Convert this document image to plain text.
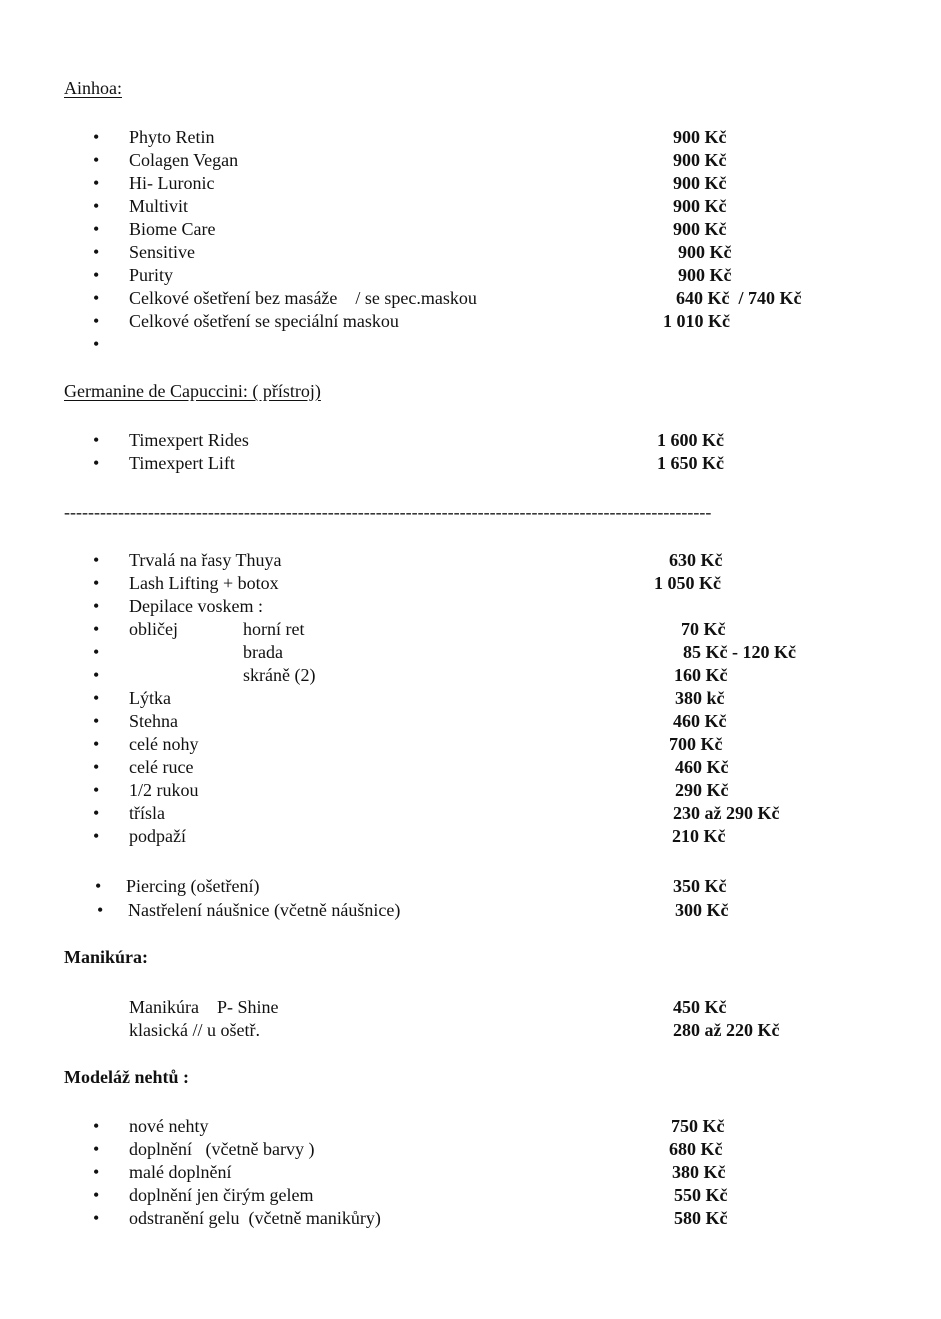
Ainhoa:
• Phyto Retin	900 Kč
• Colagen Vegan	900 Kč
• Hi- Luronic	900 Kč
• Multivit	900 Kč
• Biome Care	900 Kč
• Sensitive	900 Kč
• Purity	900 Kč
• Celkové ošetření bez masáže    / se spec.maskou	640 Kč  / 740 Kč
• Celkové ošetření se speciální maskou	1 010 Kč
•
Germanine de Capuccini: ( přístroj)
• Timexpert Rides	1 600 Kč
• Timexpert Lift	1 650 Kč
------------------------------------------------------------------------------------------------------------
• Trvalá na řasy Thuya	630 Kč
• Lash Lifting + botox	1 050 Kč
• Depilace voskem :
• obličej	horní ret	70 Kč
•	brada	85 Kč - 120 Kč
•	skráně (2)	160 Kč
• Lýtka	380 kč
• Stehna	460 Kč
• celé nohy	700 Kč
• celé ruce	460 Kč
• 1/2 rukou	290 Kč
• třísla	230 až 290 Kč
• podpaží	210 Kč
• Piercing (ošetření)	350 Kč
• Nastřelení náušnice (včetně náušnice)	300 Kč
Manikúra:
Manikúra    P- Shine	450 Kč
klasická // u ošetř.	280 až 220 Kč
Modeláž nehtů :
• nové nehty	750 Kč
• doplnění   (včetně barvy )	680 Kč
• malé doplnění	380 Kč
• doplnění jen čirým gelem	550 Kč
• odstranění gelu  (včetně manikůry)	580 Kč
